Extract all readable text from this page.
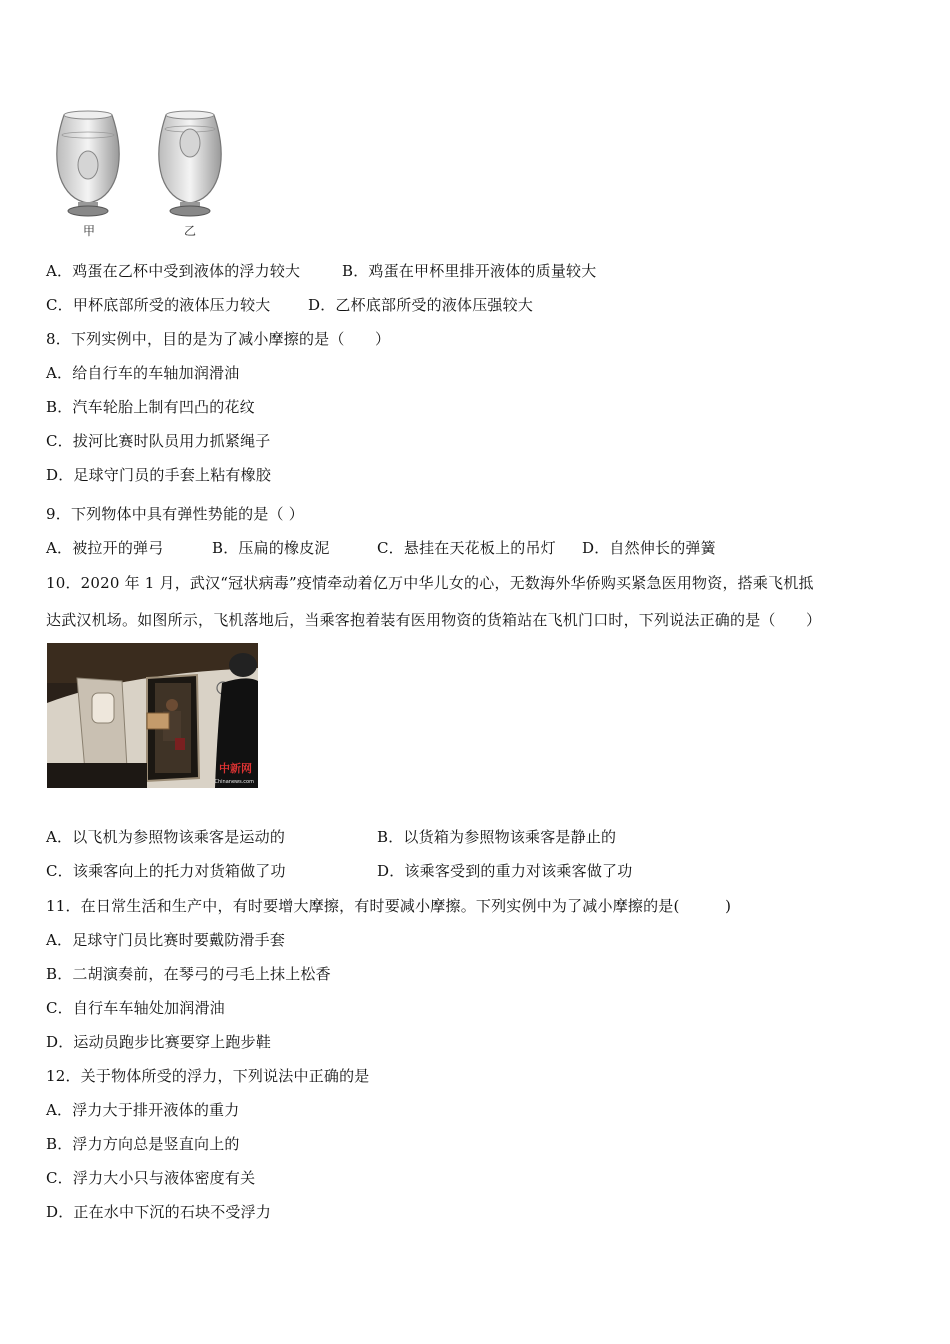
甲	乙
A．鸡蛋在乙杯中受到液体的浮力较大	B．鸡蛋在甲杯里排开液体的质量较大
C．甲杯底部所受的液体压力较大	D．乙杯底部所受的液体压强较大
8．下列实例中，目的是为了减小摩擦的是（　　）
A．给自行车的车轴加润滑油
B．汽车轮胎上制有凹凸的花纹
C．拔河比赛时队员用力抓紧绳子
D．足球守门员的手套上粘有橡胶
9．下列物体中具有弹性势能的是（ ）
A．被拉开的弹弓	B．压扁的橡皮泥	C．悬挂在天花板上的吊灯 D．自然伸长的弹簧
10．2020 年 1 月，武汉“冠状病毒”疫情牵动着亿万中华儿女的心，无数海外华侨购买紧急医用物资，搭乘飞机抵
达武汉机场。如图所示，飞机落地后，当乘客抱着装有医用物资的货箱站在飞机门口时，下列说法正确的是（　　）
中新网
Chinanews.com
A．以飞机为参照物该乘客是运动的	B．以货箱为参照物该乘客是静止的
C．该乘客向上的托力对货箱做了功	D．该乘客受到的重力对该乘客做了功
11．在日常生活和生产中，有时要增大摩擦，有时要减小摩擦。下列实例中为了减小摩擦的是(　　　)
A．足球守门员比赛时要戴防滑手套
B．二胡演奏前，在琴弓的弓毛上抹上松香
C．自行车车轴处加润滑油
D．运动员跑步比赛要穿上跑步鞋
12．关于物体所受的浮力，下列说法中正确的是
A．浮力大于排开液体的重力
B．浮力方向总是竖直向上的
C．浮力大小只与液体密度有关
D．正在水中下沉的石块不受浮力
